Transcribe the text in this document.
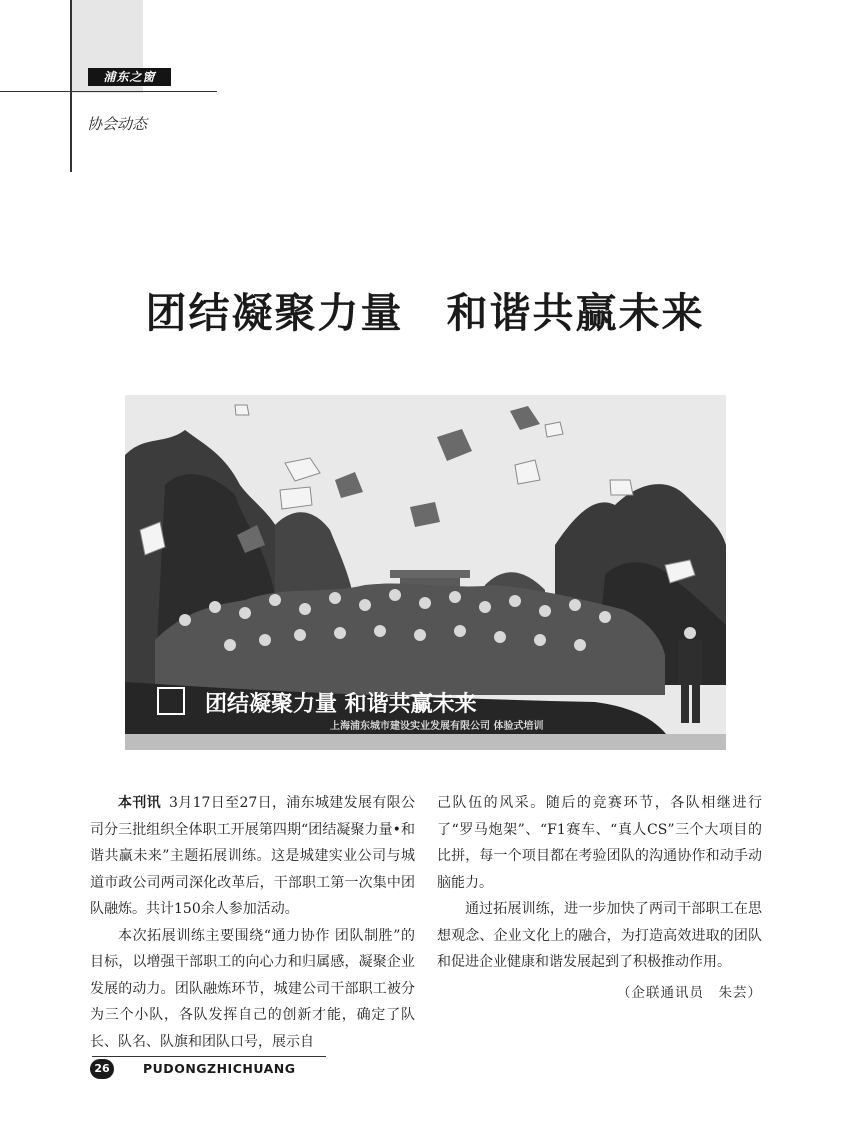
浦东之窗
协会动态
团结凝聚力量　和谐共赢未来
团结凝聚力量 和谐共赢未来
上海浦东城市建设实业发展有限公司 体验式培训

本刊讯 3月17日至27日，浦东城建发展有限公司分三批组织全体职工开展第四期“团结凝聚力量•和谐共赢未来”主题拓展训练。这是城建实业公司与城道市政公司两司深化改革后，干部职工第一次集中团队融炼。共计150余人参加活动。

本次拓展训练主要围绕“通力协作 团队制胜”的目标，以增强干部职工的向心力和归属感，凝聚企业发展的动力。团队融炼环节，城建公司干部职工被分为三个小队，各队发挥自己的创新才能，确定了队长、队名、队旗和团队口号，展示自

己队伍的风采。随后的竞赛环节，各队相继进行了“罗马炮架”、“F1赛车、“真人CS”三个大项目的比拼，每一个项目都在考验团队的沟通协作和动手动脑能力。

通过拓展训练，进一步加快了两司干部职工在思想观念、企业文化上的融合，为打造高效进取的团队和促进企业健康和谐发展起到了积极推动作用。

（企联通讯员　朱芸）
26	PUDONGZHICHUANG
